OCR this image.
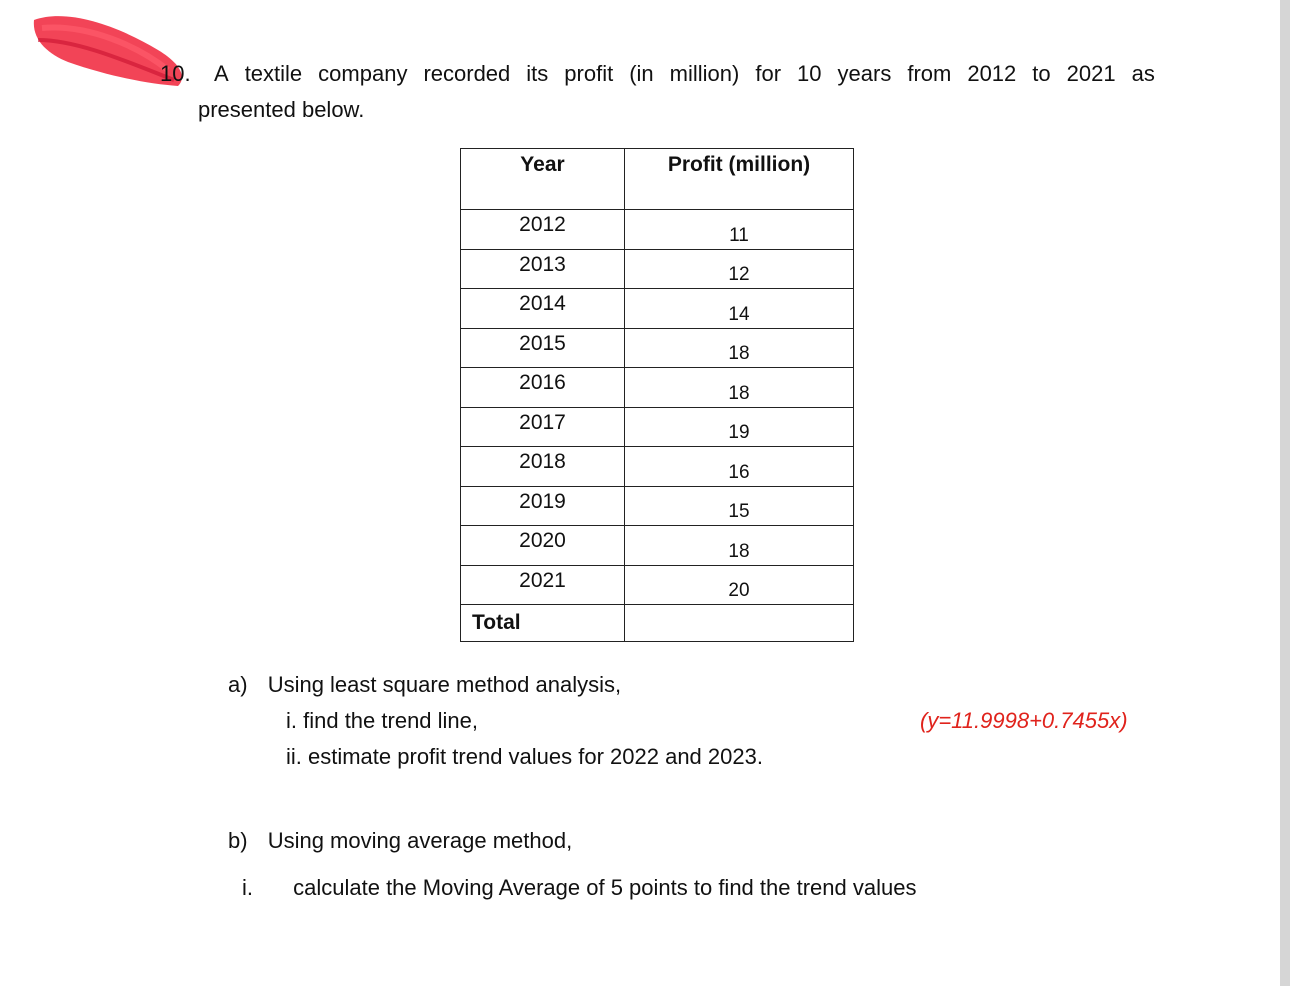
10.	A textile company recorded its profit (in million) for 10 years from 2012 to 2021 as
presented below.
Year	Profit (million)
2012	11
2013	12
2014	14
2015	18
2016	18
2017	19
2018	16
2019	15
2020	18
2021	20
Total	
a) Using least square method analysis,
i. find the trend line,	(y=11.9998+0.7455x)
ii. estimate profit trend values for 2022 and 2023.
b) Using moving average method,
i. calculate the Moving Average of 5 points to find the trend values
